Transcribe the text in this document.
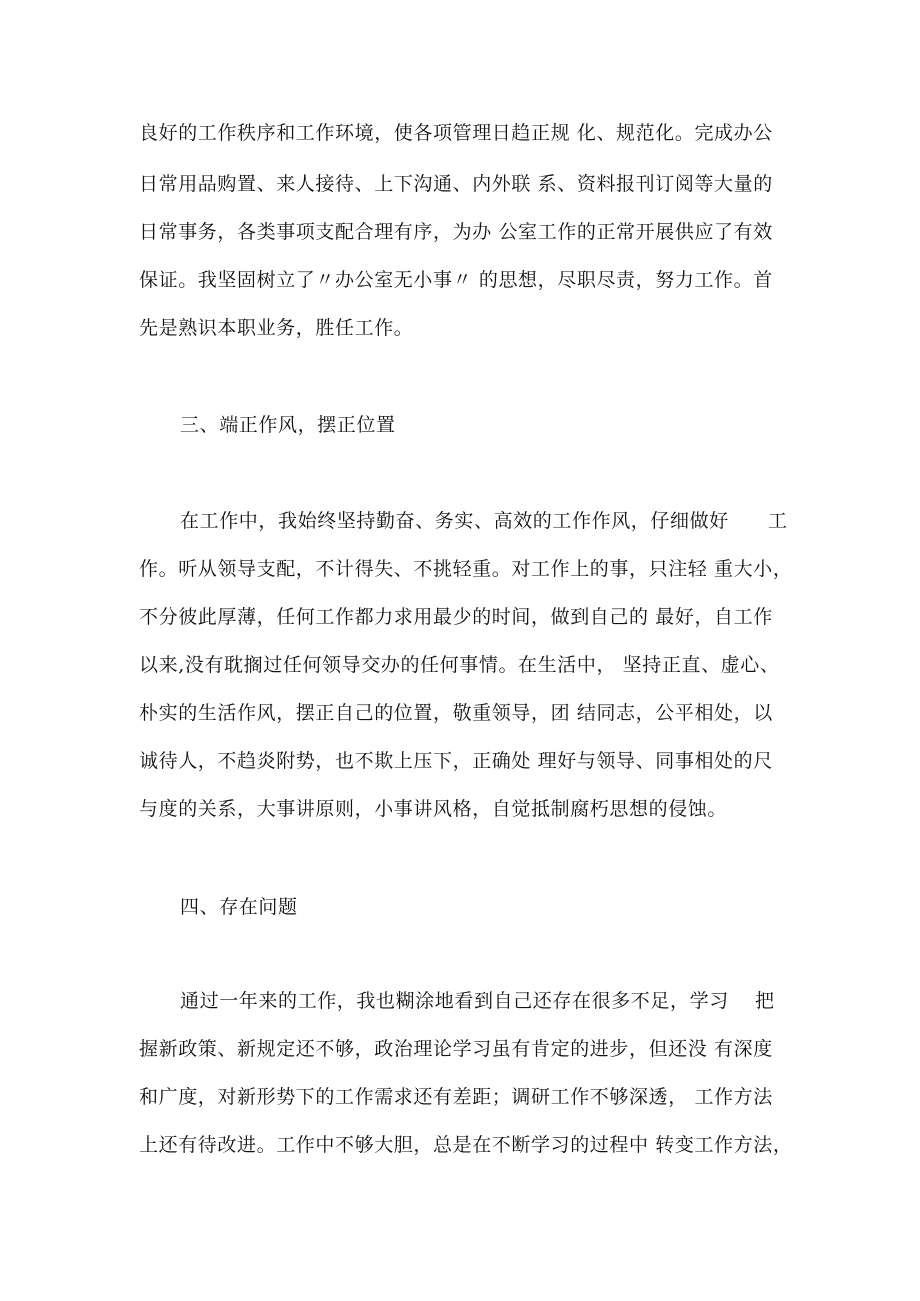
良好的工作秩序和工作环境，使各项管理日趋正规 化、规范化。完成办公
日常用品购置、来人接待、上下沟通、内外联 系、资料报刊订阅等大量的
日常事务，各类事项支配合理有序，为办 公室工作的正常开展供应了有效
保证。我坚固树立了〃办公室无小事〃 的思想，尽职尽责，努力工作。首
先是熟识本职业务，胜任工作。
三、端正作风，摆正位置
在工作中，我始终坚持勤奋、务实、高效的工作作风，仔细做好　　工
作。听从领导支配，不计得失、不挑轻重。对工作上的事，只注轻 重大小，
不分彼此厚薄，任何工作都力求用最少的时间，做到自己的 最好，自工作
以来,没有耽搁过任何领导交办的任何事情。在生活中， 坚持正直、虚心、
朴实的生活作风，摆正自己的位置，敬重领导，团 结同志，公平相处，以
诚待人，不趋炎附势，也不欺上压下，正确处 理好与领导、同事相处的尺
与度的关系，大事讲原则，小事讲风格，自觉抵制腐朽思想的侵蚀。
四、存在问题
通过一年来的工作，我也糊涂地看到自己还存在很多不足，学习　 把
握新政策、新规定还不够，政治理论学习虽有肯定的进步，但还没 有深度
和广度，对新形势下的工作需求还有差距；调研工作不够深透， 工作方法
上还有待改进。工作中不够大胆，总是在不断学习的过程中 转变工作方法，
